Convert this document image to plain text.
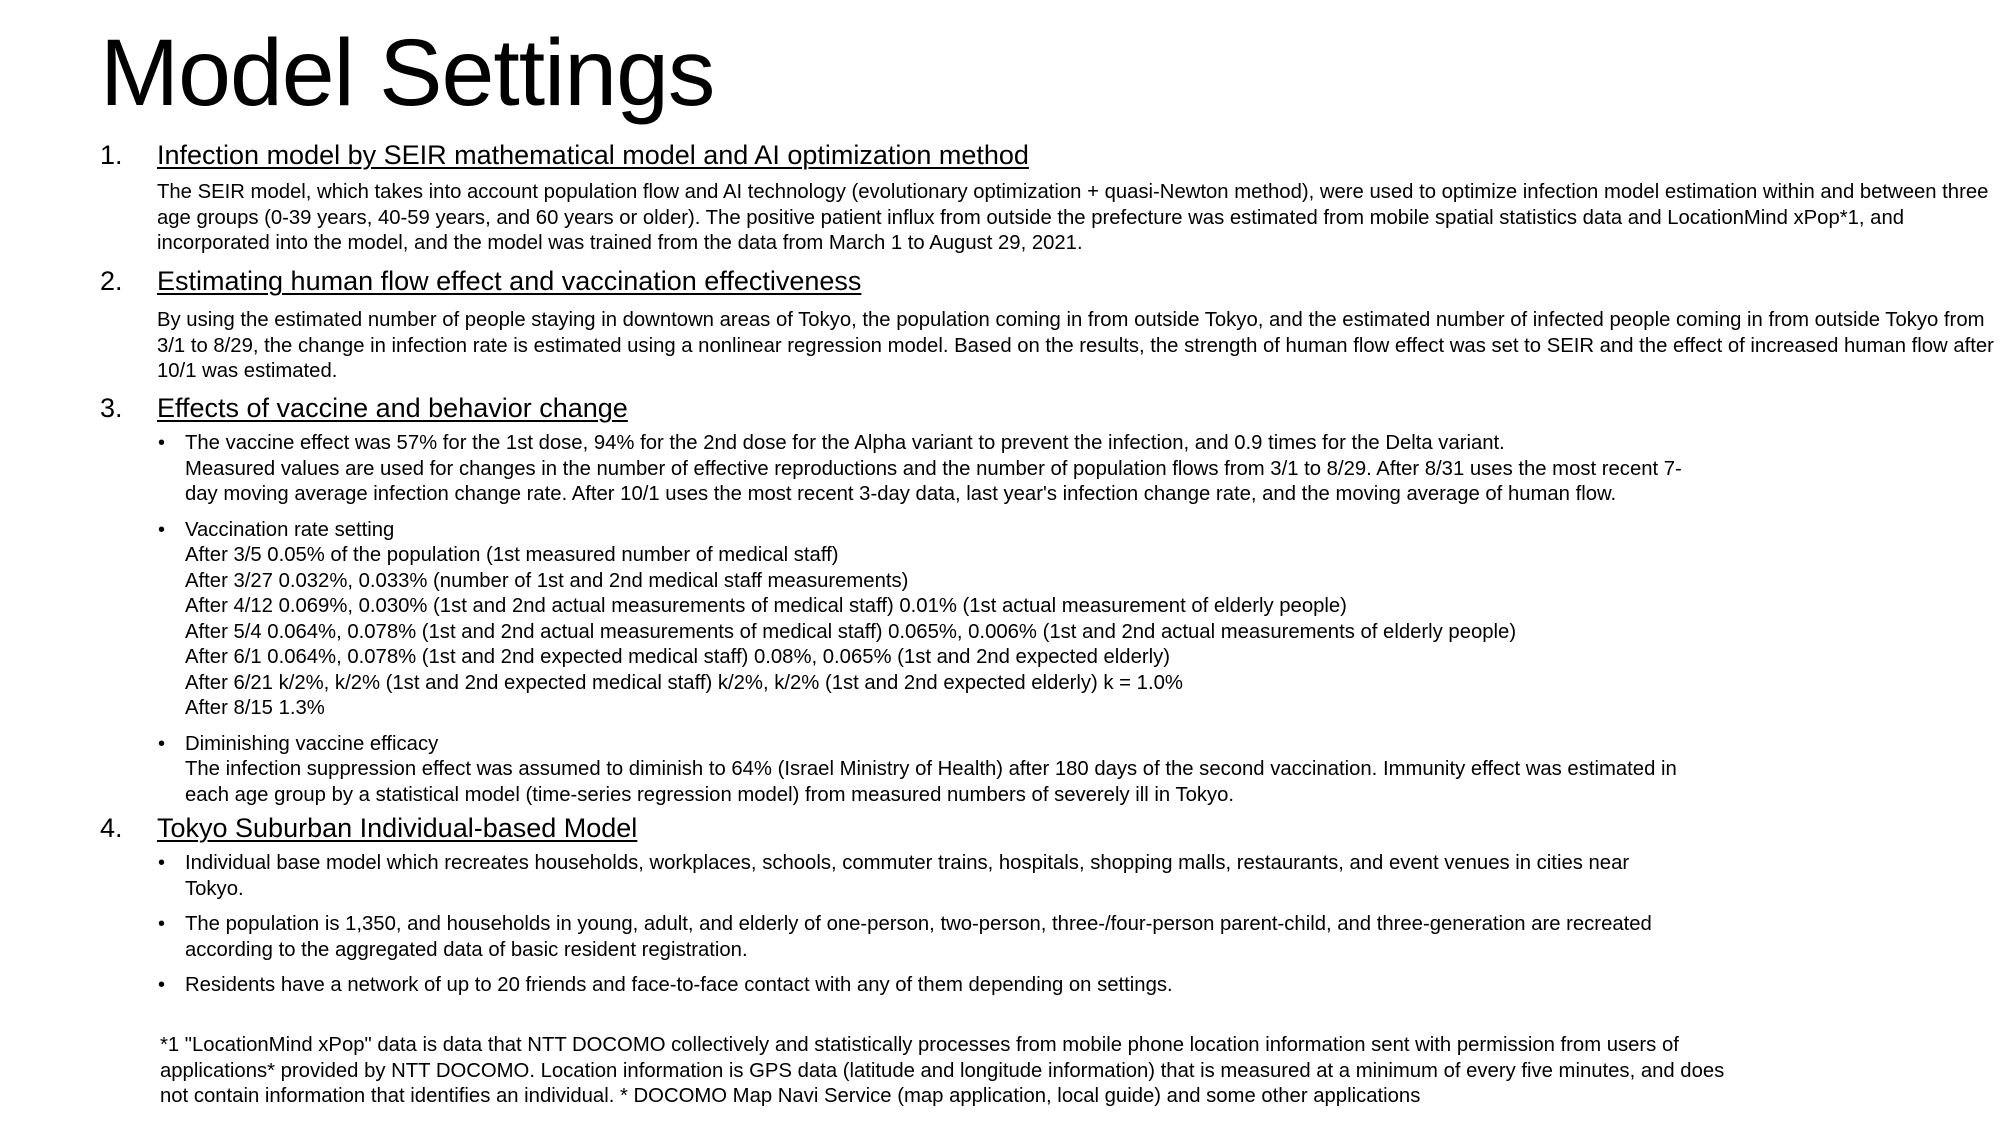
Model Settings
1. Infection model by SEIR mathematical model and AI optimization method

The SEIR model, which takes into account population flow and AI technology (evolutionary optimization + quasi-Newton method), were used to optimize infection model estimation within and between three age groups (0-39 years, 40-59 years, and 60 years or older). The positive patient influx from outside the prefecture was estimated from mobile spatial statistics data and LocationMind xPop*1, and incorporated into the model, and the model was trained from the data from March 1 to August 29, 2021.

2. Estimating human flow effect and vaccination effectiveness

By using the estimated number of people staying in downtown areas of Tokyo, the population coming in from outside Tokyo, and the estimated number of infected people coming in from outside Tokyo from 3/1 to 8/29, the change in infection rate is estimated using a nonlinear regression model. Based on the results, the strength of human flow effect was set to SEIR and the effect of increased human flow after 10/1 was estimated.

3. Effects of vaccine and behavior change
• The vaccine effect was 57% for the 1st dose, 94% for the 2nd dose for the Alpha variant to prevent the infection, and 0.9 times for the Delta variant.
Measured values are used for changes in the number of effective reproductions and the number of population flows from 3/1 to 8/29. After 8/31 uses the most recent 7-
day moving average infection change rate. After 10/1 uses the most recent 3-day data, last year's infection change rate, and the moving average of human flow.
• Vaccination rate setting
After 3/5 0.05% of the population (1st measured number of medical staff)
After 3/27 0.032%, 0.033% (number of 1st and 2nd medical staff measurements)
After 4/12 0.069%, 0.030% (1st and 2nd actual measurements of medical staff) 0.01% (1st actual measurement of elderly people)
After 5/4 0.064%, 0.078% (1st and 2nd actual measurements of medical staff) 0.065%, 0.006% (1st and 2nd actual measurements of elderly people)
After 6/1 0.064%, 0.078% (1st and 2nd expected medical staff) 0.08%, 0.065% (1st and 2nd expected elderly)
After 6/21 k/2%, k/2% (1st and 2nd expected medical staff) k/2%, k/2% (1st and 2nd expected elderly) k = 1.0%
After 8/15 1.3%
• Diminishing vaccine efficacy
The infection suppression effect was assumed to diminish to 64% (Israel Ministry of Health) after 180 days of the second vaccination. Immunity effect was estimated in
each age group by a statistical model (time-series regression model) from measured numbers of severely ill in Tokyo.
4. Tokyo Suburban Individual-based Model
• Individual base model which recreates households, workplaces, schools, commuter trains, hospitals, shopping malls, restaurants, and event venues in cities near
Tokyo.
• The population is 1,350, and households in young, adult, and elderly of one-person, two-person, three-/four-person parent-child, and three-generation are recreated
according to the aggregated data of basic resident registration.
• Residents have a network of up to 20 friends and face-to-face contact with any of them depending on settings.
*1 "LocationMind xPop" data is data that NTT DOCOMO collectively and statistically processes from mobile phone location information sent with permission from users of
applications* provided by NTT DOCOMO. Location information is GPS data (latitude and longitude information) that is measured at a minimum of every five minutes, and does
not contain information that identifies an individual. * DOCOMO Map Navi Service (map application, local guide) and some other applications
